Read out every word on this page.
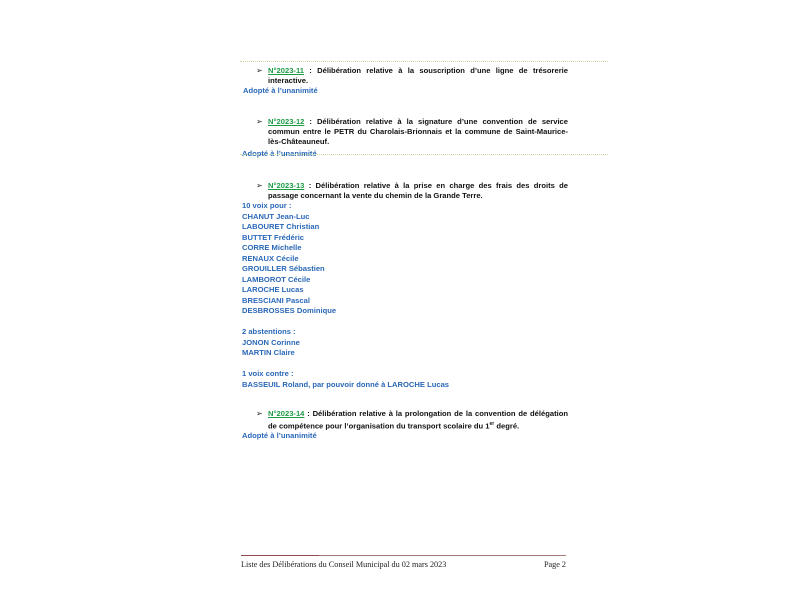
➢ N°2023-11 : Délibération relative à la souscription d’une ligne de trésorerie interactive.
Adopté à l’unanimité
➢ N°2023-12 : Délibération relative à la signature d’une convention de service commun entre le PETR du Charolais-Brionnais et la commune de Saint-Maurice-lès-Châteauneuf.
Adopté à l’unanimité
➢ N°2023-13 : Délibération relative à la prise en charge des frais des droits de passage concernant la vente du chemin de la Grande Terre.
10 voix pour :
CHANUT Jean-Luc
LABOURET Christian
BUTTET Frédéric
CORRE Michelle
RENAUX Cécile
GROUILLER Sébastien
LAMBOROT Cécile
LAROCHE Lucas
BRESCIANI Pascal
DESBROSSES Dominique
2 abstentions :
JONON Corinne
MARTIN Claire
1 voix contre :
BASSEUIL Roland, par pouvoir donné à LAROCHE Lucas
➢ N°2023-14 : Délibération relative à la prolongation de la convention de délégation de compétence pour l’organisation du transport scolaire du 1er degré.
Adopté à l’unanimité
Liste des Délibérations du Conseil Municipal du 02 mars 2023	Page 2
